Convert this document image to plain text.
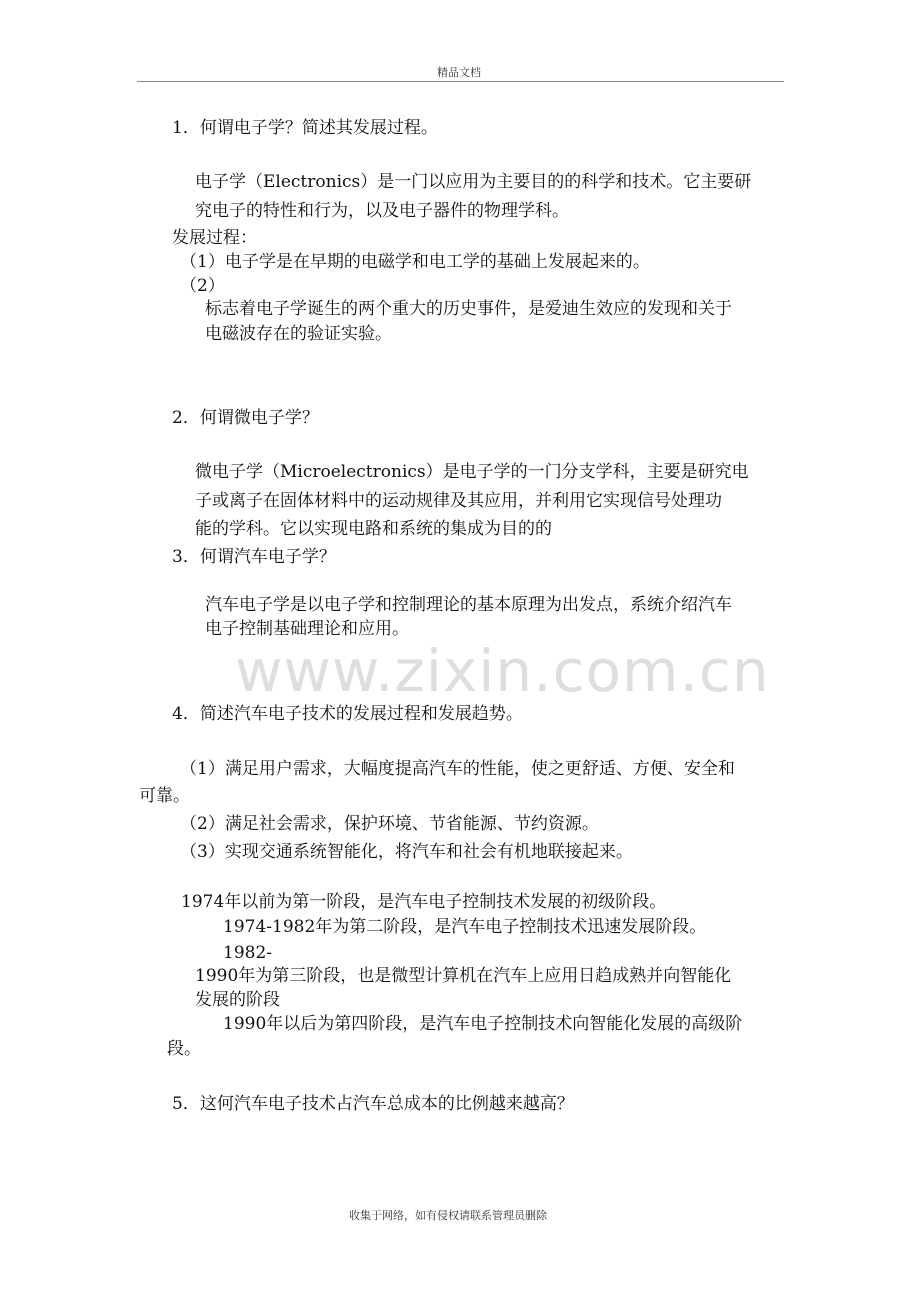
精品文档
www.zixin.com.cn
1．何谓电子学？简述其发展过程。
电子学（Electronics）是一门以应用为主要目的的科学和技术。它主要研
究电子的特性和行为，以及电子器件的物理学科。
发展过程：
（1）电子学是在早期的电磁学和电工学的基础上发展起来的。
（2）
标志着电子学诞生的两个重大的历史事件，是爱迪生效应的发现和关于
电磁波存在的验证实验。
2．何谓微电子学？
微电子学（Microelectronics）是电子学的一门分支学科，主要是研究电
子或离子在固体材料中的运动规律及其应用，并利用它实现信号处理功
能的学科。它以实现电路和系统的集成为目的的
3．何谓汽车电子学？
汽车电子学是以电子学和控制理论的基本原理为出发点，系统介绍汽车
电子控制基础理论和应用。
4．简述汽车电子技术的发展过程和发展趋势。
（1）满足用户需求，大幅度提高汽车的性能，使之更舒适、方便、安全和
可靠。
（2）满足社会需求，保护环境、节省能源、节约资源。
（3）实现交通系统智能化，将汽车和社会有机地联接起来。
1974年以前为第一阶段，是汽车电子控制技术发展的初级阶段。
1974-1982年为第二阶段，是汽车电子控制技术迅速发展阶段。
1982-
1990年为第三阶段，也是微型计算机在汽车上应用日趋成熟并向智能化
发展的阶段
1990年以后为第四阶段，是汽车电子控制技术向智能化发展的高级阶
段。
5．这何汽车电子技术占汽车总成本的比例越来越高？
收集于网络，如有侵权请联系管理员删除
